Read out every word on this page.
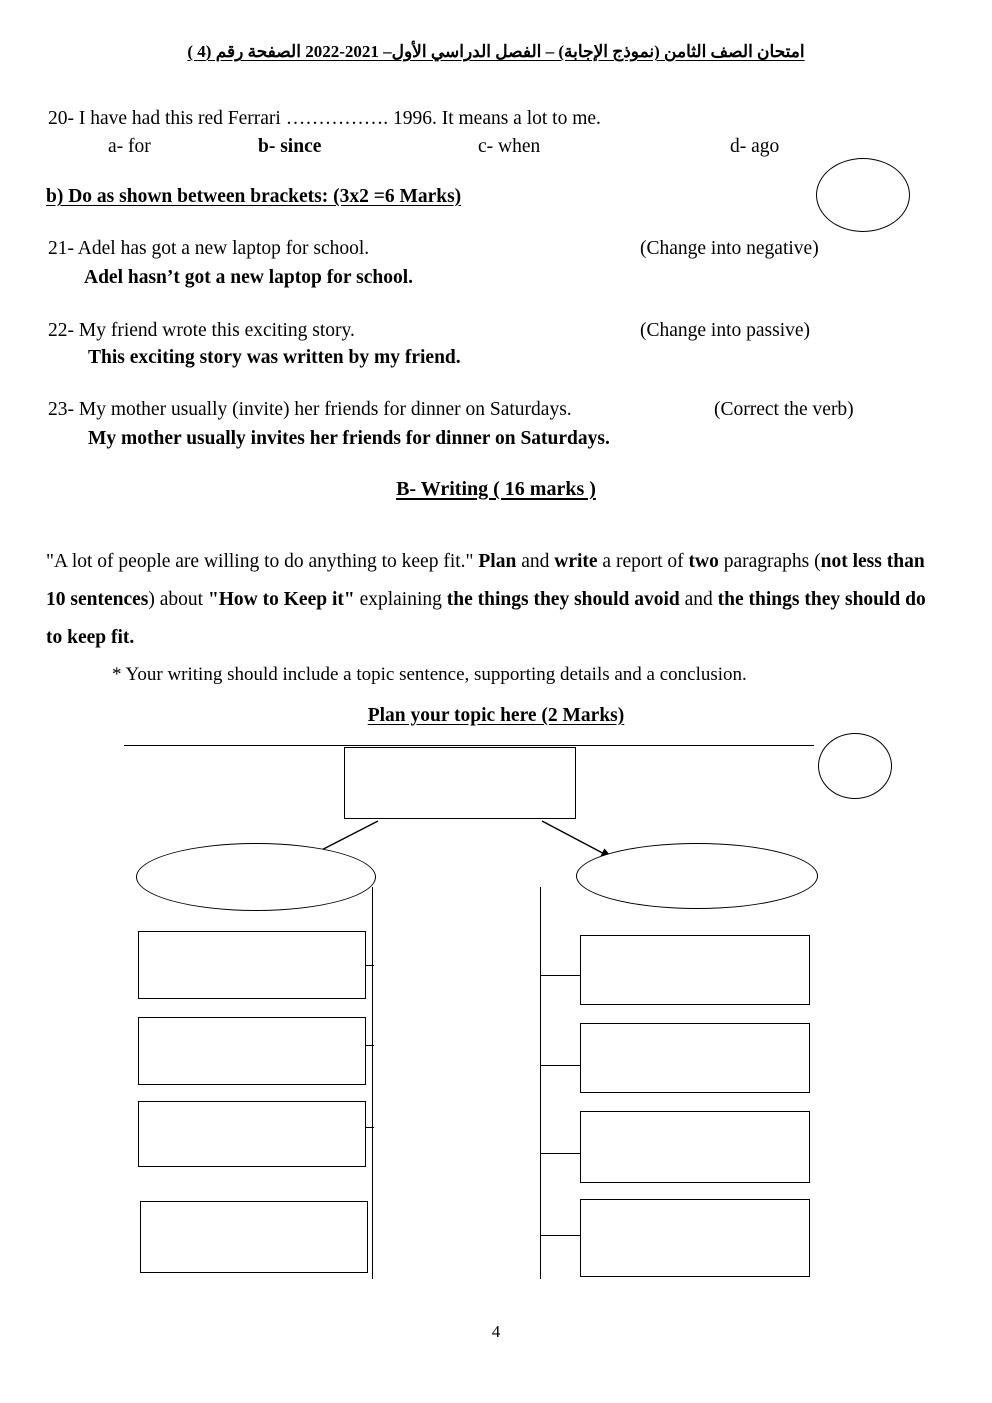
امتحان الصف الثامن (نموذج الإجابة) – الفصل الدراسي الأول– 2021-2022 الصفحة رقم (4 )
20- I have had this red Ferrari ……………. 1996. It means a lot to me.
a- for	b- since	c- when	d- ago
b) Do as shown between brackets: (3x2 =6 Marks)
21- Adel has got a new laptop for school.	(Change into negative)
Adel hasn’t got a new laptop for school.
22- My friend wrote this exciting story.	(Change into passive)
This exciting story was written by my friend.
23- My mother usually (invite) her friends for dinner on Saturdays.	(Correct the verb)
My mother usually invites her friends for dinner on Saturdays.
B- Writing ( 16 marks )
"A lot of people are willing to do anything to keep fit." Plan and write a report of two paragraphs (not less than 10 sentences) about "How to Keep it" explaining the things they should avoid and the things they should do to keep fit.
* Your writing should include a topic sentence, supporting details and a conclusion.
Plan your topic here (2 Marks)
4
